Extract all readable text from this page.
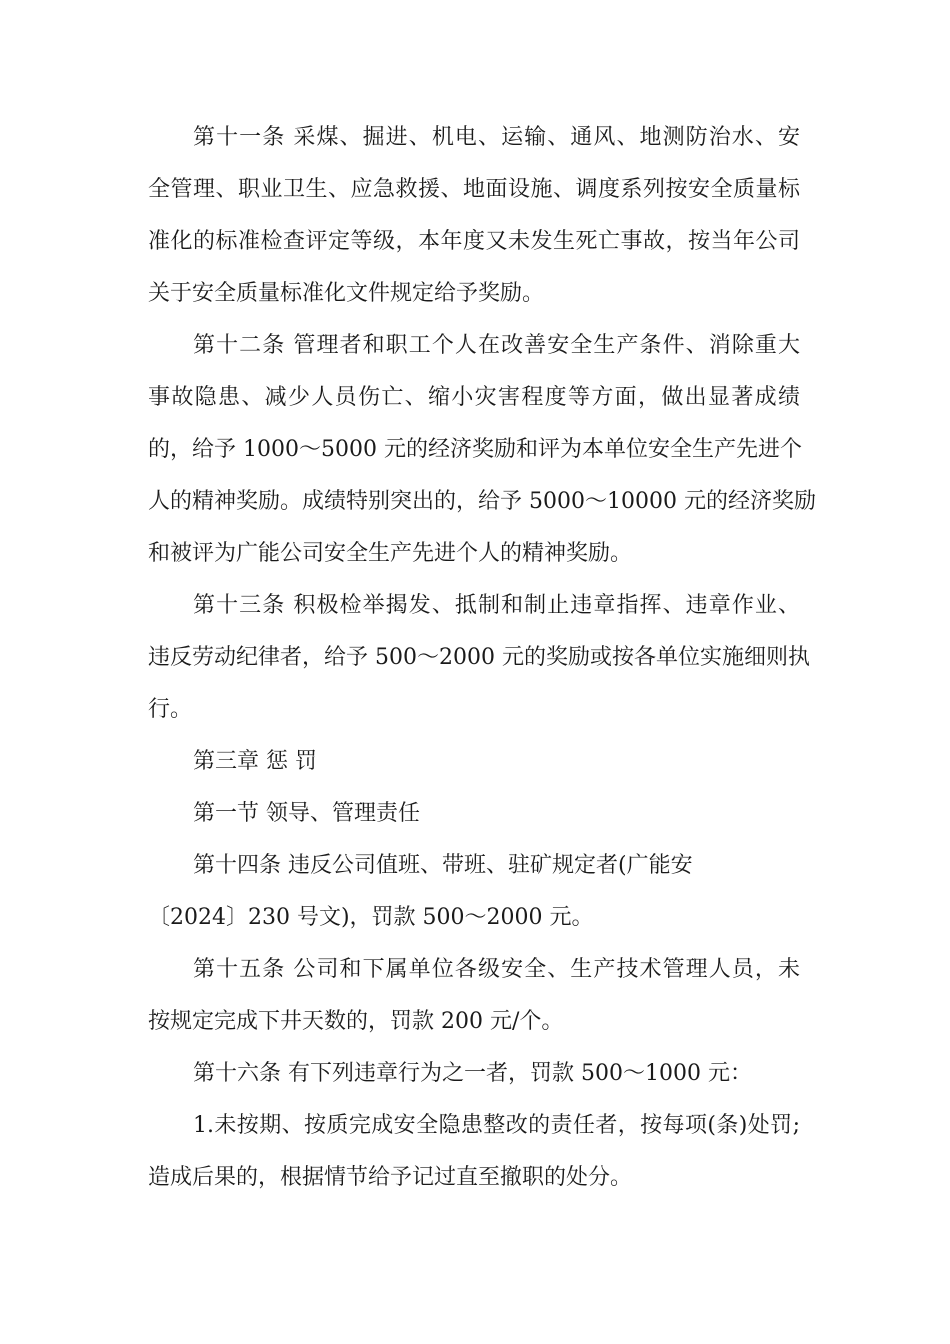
第十一条 采煤、掘进、机电、运输、通风、地测防治水、安
全管理、职业卫生、应急救援、地面设施、调度系列按安全质量标
准化的标准检查评定等级，本年度又未发生死亡事故，按当年公司
关于安全质量标准化文件规定给予奖励。
第十二条 管理者和职工个人在改善安全生产条件、消除重大
事故隐患、减少人员伤亡、缩小灾害程度等方面，做出显著成绩
的，给予 1000～5000 元的经济奖励和评为本单位安全生产先进个
人的精神奖励。成绩特别突出的，给予 5000～10000 元的经济奖励
和被评为广能公司安全生产先进个人的精神奖励。
第十三条 积极检举揭发、抵制和制止违章指挥、违章作业、
违反劳动纪律者，给予 500～2000 元的奖励或按各单位实施细则执
行。
第三章 惩 罚
第一节 领导、管理责任
第十四条 违反公司值班、带班、驻矿规定者(广能安
〔2024〕230 号文)，罚款 500～2000 元。
第十五条 公司和下属单位各级安全、生产技术管理人员，未
按规定完成下井天数的，罚款 200 元/个。
第十六条 有下列违章行为之一者，罚款 500～1000 元：
1.未按期、按质完成安全隐患整改的责任者，按每项(条)处罚;
造成后果的，根据情节给予记过直至撤职的处分。
